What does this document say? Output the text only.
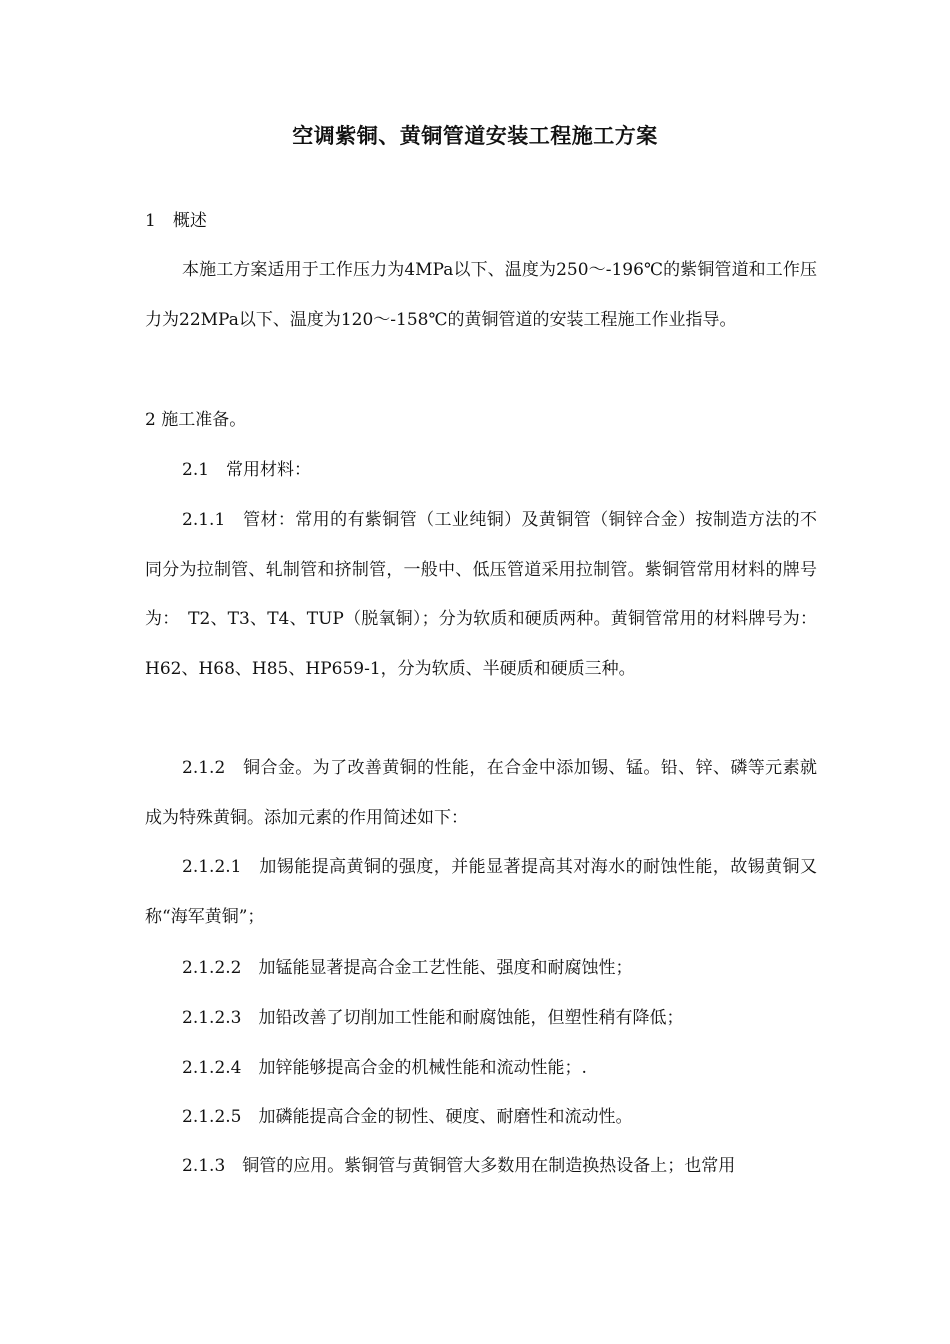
空调紫铜、黄铜管道安装工程施工方案
1　概述

本施工方案适用于工作压力为4MPa以下、温度为250～-196℃的紫铜管道和工作压力为22MPa以下、温度为120～-158℃的黄铜管道的安装工程施工作业指导。

2 施工准备。
2.1　常用材料：

2.1.1　管材：常用的有紫铜管（工业纯铜）及黄铜管（铜锌合金）按制造方法的不同分为拉制管、轧制管和挤制管，一般中、低压管道采用拉制管。紫铜管常用材料的牌号为：　T2、T3、T4、TUP（脱氧铜）；分为软质和硬质两种。黄铜管常用的材料牌号为：H62、H68、H85、HP659-1，分为软质、半硬质和硬质三种。

2.1.2　铜合金。为了改善黄铜的性能，在合金中添加锡、锰。铅、锌、磷等元素就成为特殊黄铜。添加元素的作用简述如下：

2.1.2.1　加锡能提高黄铜的强度，并能显著提高其对海水的耐蚀性能，故锡黄铜又称“海军黄铜”；

2.1.2.2　加锰能显著提高合金工艺性能、强度和耐腐蚀性；
2.1.2.3　加铅改善了切削加工性能和耐腐蚀能，但塑性稍有降低；
2.1.2.4　加锌能够提高合金的机械性能和流动性能；.
2.1.2.5　加磷能提高合金的韧性、硬度、耐磨性和流动性。

2.1.3　铜管的应用。紫铜管与黄铜管大多数用在制造换热设备上；也常用
